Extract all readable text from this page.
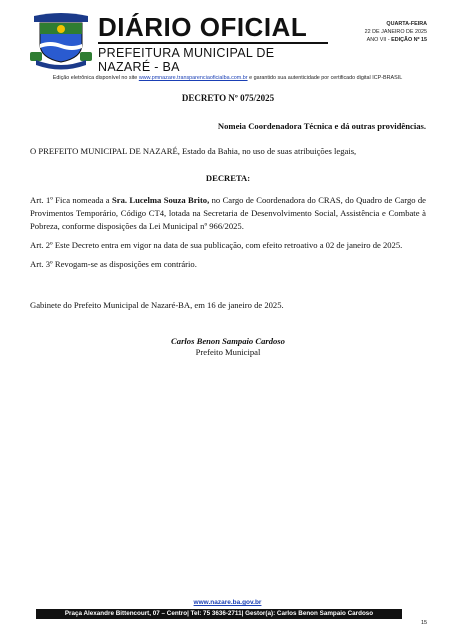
DIÁRIO OFICIAL
PREFEITURA MUNICIPAL DE NAZARÉ - BA
QUARTA-FEIRA
22 DE JANEIRO DE 2025
ANO VII - EDIÇÃO Nº 15
Edição eletrônica disponível no site www.pmnazare.transparenciaoficialba.com.br e garantido sua autenticidade por certificado digital ICP-BRASIL
DECRETO Nº 075/2025
Nomeia Coordenadora Técnica e dá outras providências.

O PREFEITO MUNICIPAL DE NAZARÉ, Estado da Bahia, no uso de suas atribuições legais,

DECRETA:

Art. 1º Fica nomeada a Sra. Lucelma Souza Brito, no Cargo de Coordenadora do CRAS, do Quadro de Cargo de Provimentos Temporário, Código CT4, lotada na Secretaria de Desenvolvimento Social, Assistência e Combate à Pobreza, conforme disposições da Lei Municipal nº 966/2025.

Art. 2º Este Decreto entra em vigor na data de sua publicação, com efeito retroativo a 02 de janeiro de 2025.

Art. 3º Revogam-se as disposições em contrário.

Gabinete do Prefeito Municipal de Nazaré-BA, em 16 de janeiro de 2025.

Carlos Benon Sampaio Cardoso
Prefeito Municipal
www.nazare.ba.gov.br
Praça Alexandre Bittencourt, 07 – Centro| Tel: 75 3636-2711| Gestor(a): Carlos Benon Sampaio Cardoso
15
